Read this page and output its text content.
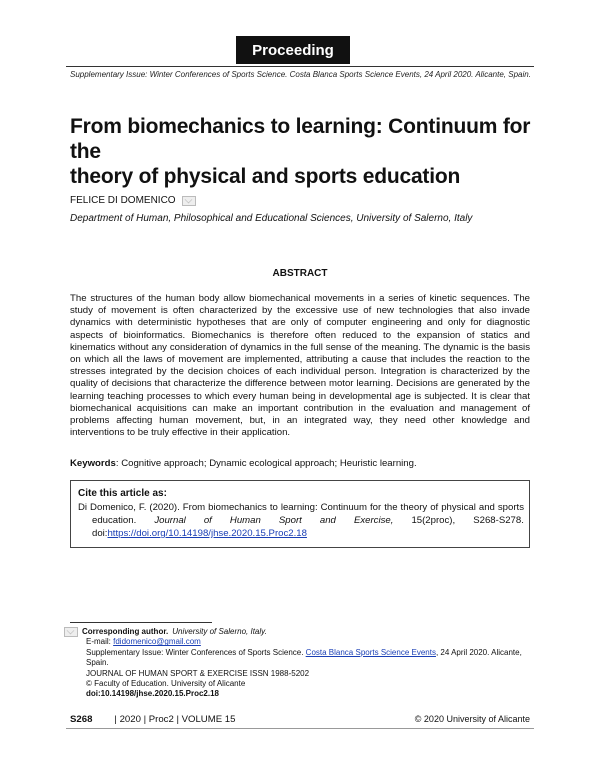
Proceeding
Supplementary Issue: Winter Conferences of Sports Science. Costa Blanca Sports Science Events, 24 April 2020. Alicante, Spain.
From biomechanics to learning: Continuum for the
theory of physical and sports education
FELICE DI DOMENICO
Department of Human, Philosophical and Educational Sciences, University of Salerno, Italy
ABSTRACT
The structures of the human body allow biomechanical movements in a series of kinetic sequences. The study of movement is often characterized by the excessive use of new technologies that also invade dynamics with deterministic hypotheses that are only of computer engineering and only for diagnostic aspects of bioinformatics. Biomechanics is therefore often reduced to the expansion of statics and kinematics without any consideration of dynamics in the full sense of the meaning. The dynamic is the basis on which all the laws of movement are implemented, attributing a cause that includes the reaction to the stresses integrated by the decision choices of each individual person. Integration is characterized by the quality of decisions that characterize the difference between motor learning. Decisions are generated by the learning teaching processes to which every human being in developmental age is subjected. It is clear that biomechanical acquisitions can make an important contribution in the evaluation and management of problems affecting human movement, but, in an integrated way, they need other knowledge and interventions to be truly effective in their application.
Keywords: Cognitive approach; Dynamic ecological approach; Heuristic learning.
Cite this article as:
Di Domenico, F. (2020). From biomechanics to learning: Continuum for the theory of physical and sports
education. Journal of Human Sport and Exercise, 15(2proc), S268-S278.
doi:https://doi.org/10.14198/jhse.2020.15.Proc2.18
Corresponding author. University of Salerno, Italy.
E-mail: fdidomenico@gmail.com
Supplementary Issue: Winter Conferences of Sports Science. Costa Blanca Sports Science Events, 24 April 2020. Alicante,
Spain.
JOURNAL OF HUMAN SPORT & EXERCISE ISSN 1988-5202
© Faculty of Education. University of Alicante
doi:10.14198/jhse.2020.15.Proc2.18
S268 | 2020 | Proc2 | VOLUME 15	© 2020 University of Alicante
